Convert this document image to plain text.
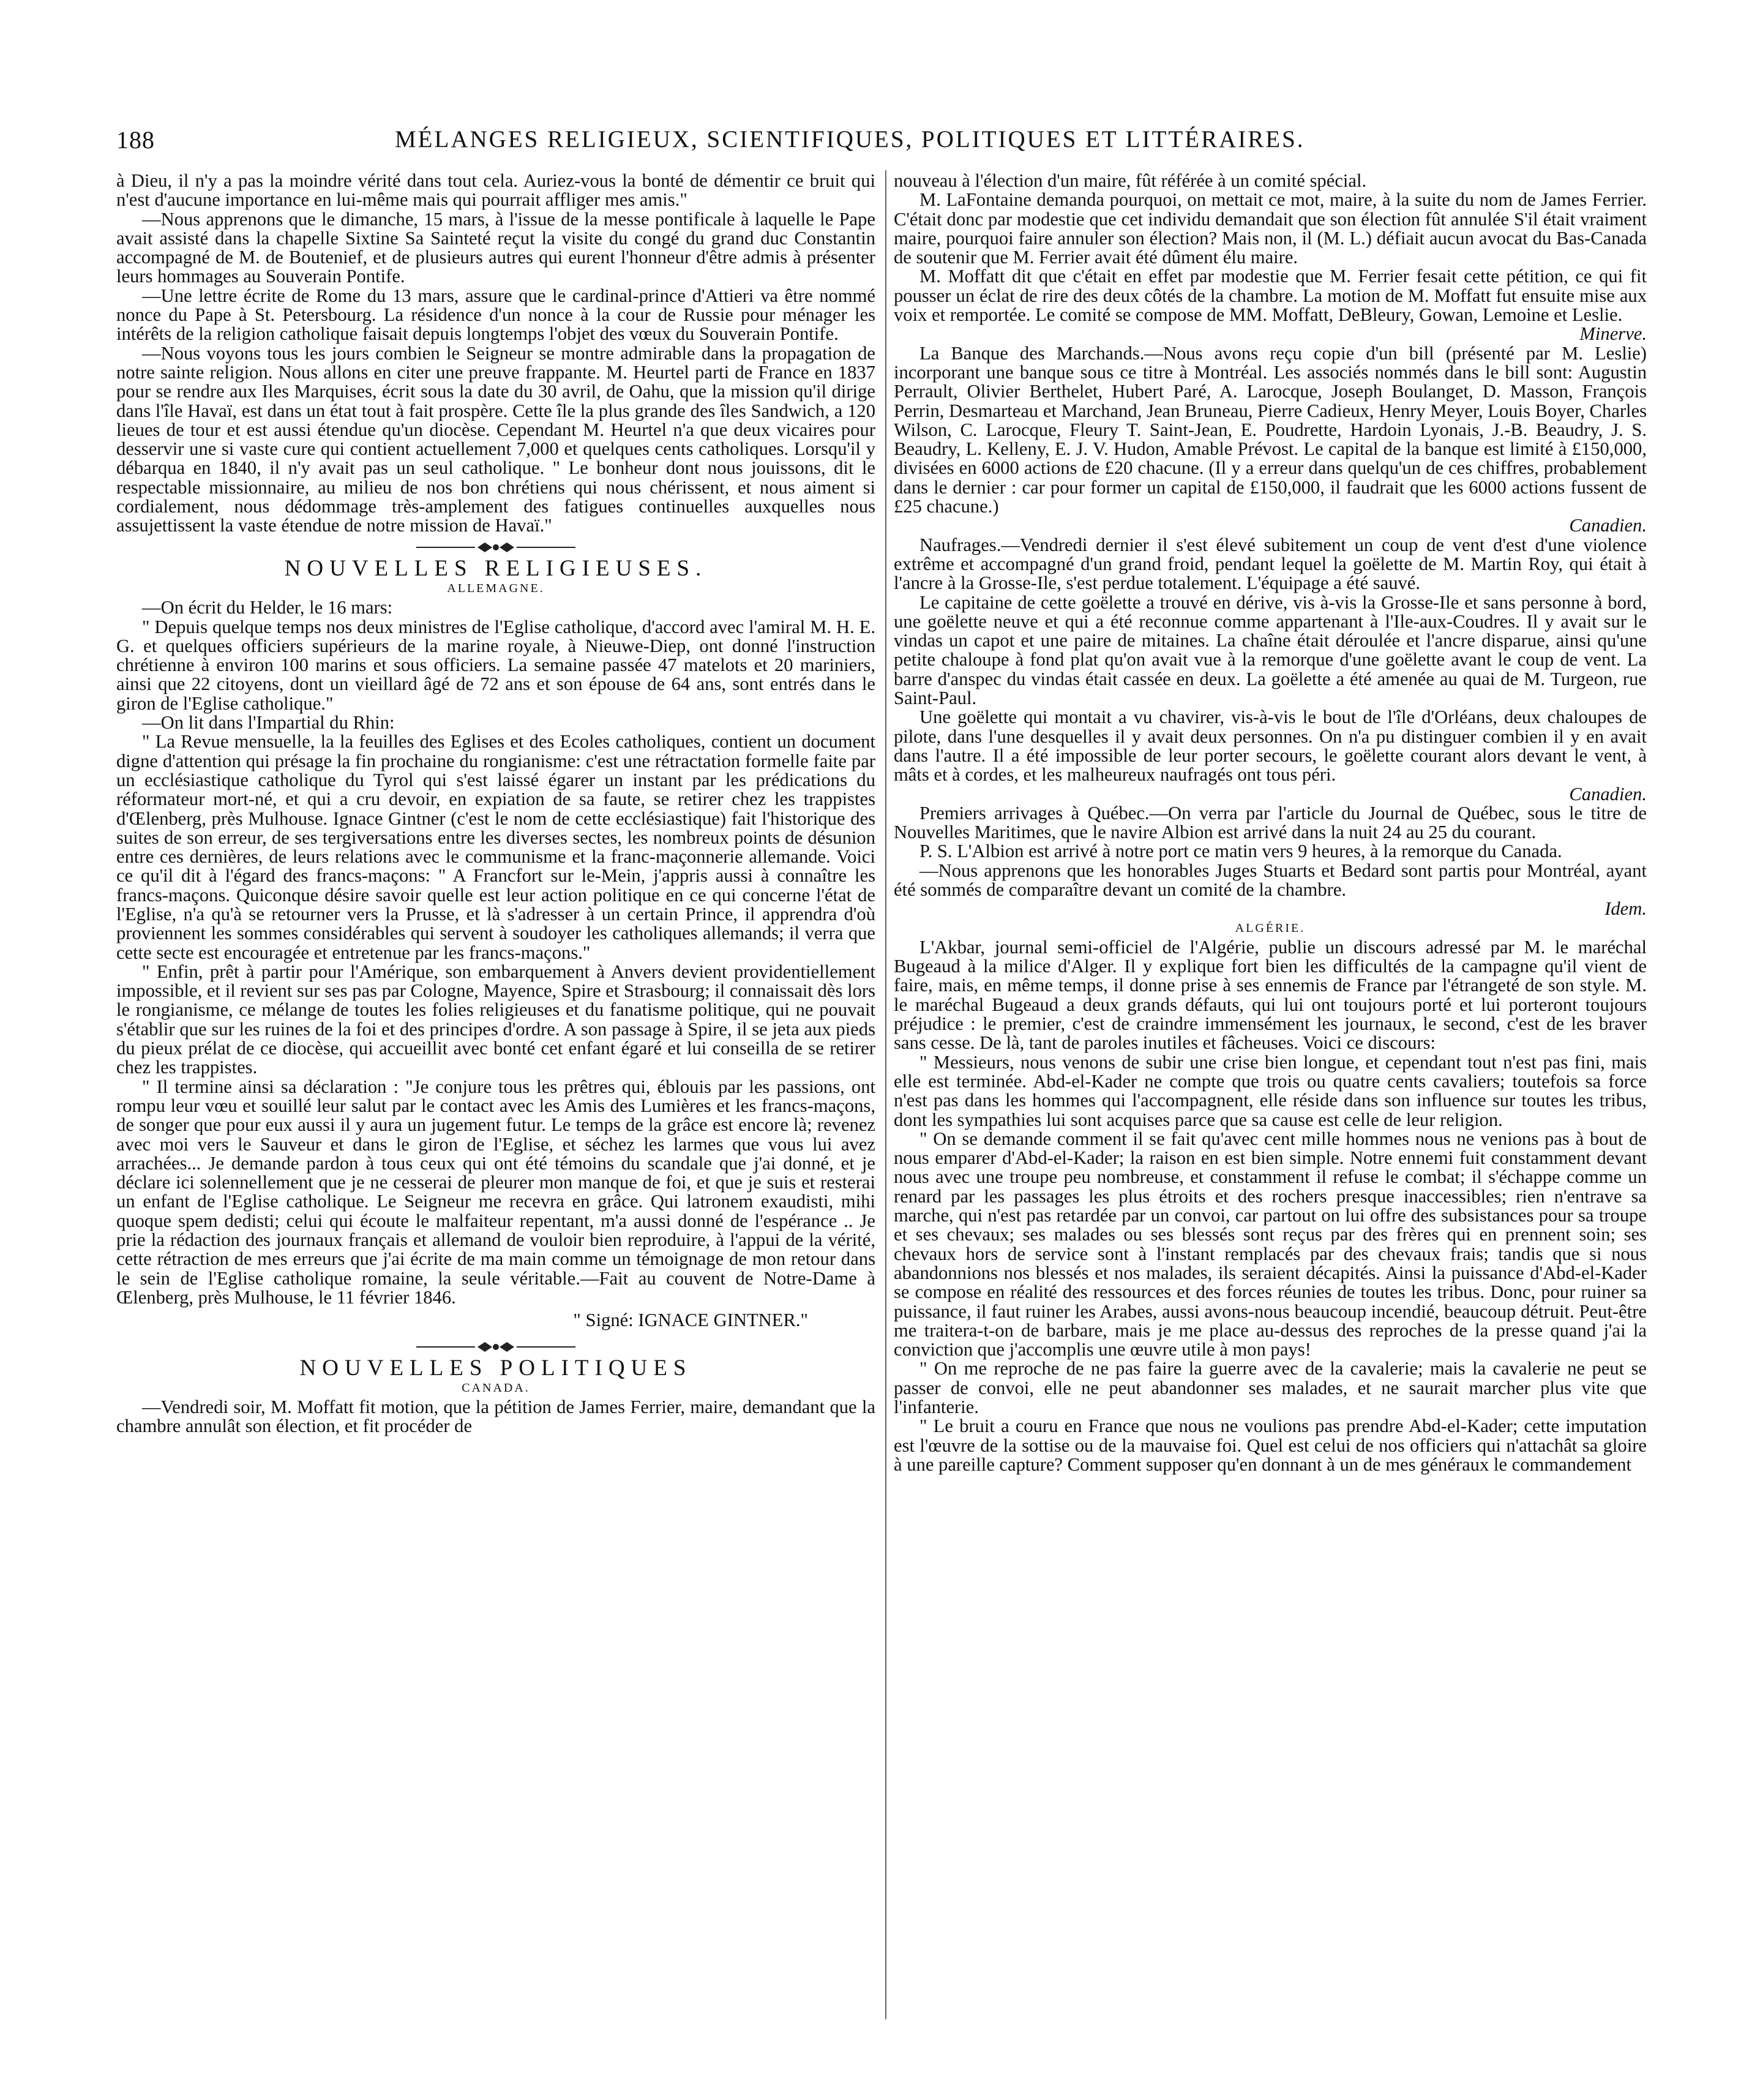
188	MÉLANGES RELIGIEUX, SCIENTIFIQUES, POLITIQUES ET LITTÉRAIRES.

à Dieu, il n'y a pas la moindre vérité dans tout cela. Auriez-vous la bonté de démentir ce bruit qui n'est d'aucune importance en lui-même mais qui pourrait affliger mes amis."

—Nous apprenons que le dimanche, 15 mars, à l'issue de la messe pontificale à laquelle le Pape avait assisté dans la chapelle Sixtine Sa Sainteté reçut la visite du congé du grand duc Constantin accompagné de M. de Boutenief, et de plusieurs autres qui eurent l'honneur d'être admis à présenter leurs hommages au Souverain Pontife.

—Une lettre écrite de Rome du 13 mars, assure que le cardinal-prince d'Attieri va être nommé nonce du Pape à St. Petersbourg. La résidence d'un nonce à la cour de Russie pour ménager les intérêts de la religion catholique faisait depuis longtemps l'objet des vœux du Souverain Pontife.

—Nous voyons tous les jours combien le Seigneur se montre admirable dans la propagation de notre sainte religion. Nous allons en citer une preuve frappante. M. Heurtel parti de France en 1837 pour se rendre aux Iles Marquises, écrit sous la date du 30 avril, de Oahu, que la mission qu'il dirige dans l'île Havaï, est dans un état tout à fait prospère. Cette île la plus grande des îles Sandwich, a 120 lieues de tour et est aussi étendue qu'un diocèse. Cependant M. Heurtel n'a que deux vicaires pour desservir une si vaste cure qui contient actuellement 7,000 et quelques cents catholiques. Lorsqu'il y débarqua en 1840, il n'y avait pas un seul catholique. " Le bonheur dont nous jouissons, dit le respectable missionnaire, au milieu de nos bon chrétiens qui nous chérissent, et nous aiment si cordialement, nous dédommage très-amplement des fatigues continuelles auxquelles nous assujettissent la vaste étendue de notre mission de Havaï."

NOUVELLES RELIGIEUSES.

ALLEMAGNE.

—On écrit du Helder, le 16 mars:

" Depuis quelque temps nos deux ministres de l'Eglise catholique, d'accord avec l'amiral M. H. E. G. et quelques officiers supérieurs de la marine royale, à Nieuwe-Diep, ont donné l'instruction chrétienne à environ 100 marins et sous officiers. La semaine passée 47 matelots et 20 mariniers, ainsi que 22 citoyens, dont un vieillard âgé de 72 ans et son épouse de 64 ans, sont entrés dans le giron de l'Eglise catholique."

—On lit dans l'Impartial du Rhin:

" La Revue mensuelle, la la feuilles des Eglises et des Ecoles catholiques, contient un document digne d'attention qui présage la fin prochaine du rongianisme: c'est une rétractation formelle faite par un ecclésiastique catholique du Tyrol qui s'est laissé égarer un instant par les prédications du réformateur mort-né, et qui a cru devoir, en expiation de sa faute, se retirer chez les trappistes d'Œlenberg, près Mulhouse. Ignace Gintner (c'est le nom de cette ecclésiastique) fait l'historique des suites de son erreur, de ses tergiversations entre les diverses sectes, les nombreux points de désunion entre ces dernières, de leurs relations avec le communisme et la franc-maçonnerie allemande. Voici ce qu'il dit à l'égard des francs-maçons: " A Francfort sur le-Mein, j'appris aussi à connaître les francs-maçons. Quiconque désire savoir quelle est leur action politique en ce qui concerne l'état de l'Eglise, n'a qu'à se retourner vers la Prusse, et là s'adresser à un certain Prince, il apprendra d'où proviennent les sommes considérables qui servent à soudoyer les catholiques allemands; il verra que cette secte est encouragée et entretenue par les francs-maçons."

" Enfin, prêt à partir pour l'Amérique, son embarquement à Anvers devient providentiellement impossible, et il revient sur ses pas par Cologne, Mayence, Spire et Strasbourg; il connaissait dès lors le rongianisme, ce mélange de toutes les folies religieuses et du fanatisme politique, qui ne pouvait s'établir que sur les ruines de la foi et des principes d'ordre. A son passage à Spire, il se jeta aux pieds du pieux prélat de ce diocèse, qui accueillit avec bonté cet enfant égaré et lui conseilla de se retirer chez les trappistes.

" Il termine ainsi sa déclaration : "Je conjure tous les prêtres qui, éblouis par les passions, ont rompu leur vœu et souillé leur salut par le contact avec les Amis des Lumières et les francs-maçons, de songer que pour eux aussi il y aura un jugement futur. Le temps de la grâce est encore là; revenez avec moi vers le Sauveur et dans le giron de l'Eglise, et séchez les larmes que vous lui avez arrachées... Je demande pardon à tous ceux qui ont été témoins du scandale que j'ai donné, et je déclare ici solennellement que je ne cesserai de pleurer mon manque de foi, et que je suis et resterai un enfant de l'Eglise catholique. Le Seigneur me recevra en grâce. Qui latronem exaudisti, mihi quoque spem dedisti; celui qui écoute le malfaiteur repentant, m'a aussi donné de l'espérance .. Je prie la rédaction des journaux français et allemand de vouloir bien reproduire, à l'appui de la vérité, cette rétraction de mes erreurs que j'ai écrite de ma main comme un témoignage de mon retour dans le sein de l'Eglise catholique romaine, la seule véritable.—Fait au couvent de Notre-Dame à Œlenberg, près Mulhouse, le 11 février 1846.

" Signé: IGNACE GINTNER."

NOUVELLES POLITIQUES

CANADA.

—Vendredi soir, M. Moffatt fit motion, que la pétition de James Ferrier, maire, demandant que la chambre annulât son élection, et fit procéder de

nouveau à l'élection d'un maire, fût référée à un comité spécial.

M. LaFontaine demanda pourquoi, on mettait ce mot, maire, à la suite du nom de James Ferrier. C'était donc par modestie que cet individu demandait que son élection fût annulée S'il était vraiment maire, pourquoi faire annuler son élection? Mais non, il (M. L.) défiait aucun avocat du Bas-Canada de soutenir que M. Ferrier avait été dûment élu maire.

M. Moffatt dit que c'était en effet par modestie que M. Ferrier fesait cette pétition, ce qui fit pousser un éclat de rire des deux côtés de la chambre. La motion de M. Moffatt fut ensuite mise aux voix et remportée. Le comité se compose de MM. Moffatt, DeBleury, Gowan, Lemoine et Leslie.

Minerve.

La Banque des Marchands.—Nous avons reçu copie d'un bill (présenté par M. Leslie) incorporant une banque sous ce titre à Montréal. Les associés nommés dans le bill sont: Augustin Perrault, Olivier Berthelet, Hubert Paré, A. Larocque, Joseph Boulanget, D. Masson, François Perrin, Desmarteau et Marchand, Jean Bruneau, Pierre Cadieux, Henry Meyer, Louis Boyer, Charles Wilson, C. Larocque, Fleury T. Saint-Jean, E. Poudrette, Hardoin Lyonais, J.-B. Beaudry, J. S. Beaudry, L. Kelleny, E. J. V. Hudon, Amable Prévost. Le capital de la banque est limité à £150,000, divisées en 6000 actions de £20 chacune. (Il y a erreur dans quelqu'un de ces chiffres, probablement dans le dernier : car pour former un capital de £150,000, il faudrait que les 6000 actions fussent de £25 chacune.)

Canadien.

Naufrages.—Vendredi dernier il s'est élevé subitement un coup de vent d'est d'une violence extrême et accompagné d'un grand froid, pendant lequel la goëlette de M. Martin Roy, qui était à l'ancre à la Grosse-Ile, s'est perdue totalement. L'équipage a été sauvé.

Le capitaine de cette goëlette a trouvé en dérive, vis à-vis la Grosse-Ile et sans personne à bord, une goëlette neuve et qui a été reconnue comme appartenant à l'Ile-aux-Coudres. Il y avait sur le vindas un capot et une paire de mitaines. La chaîne était déroulée et l'ancre disparue, ainsi qu'une petite chaloupe à fond plat qu'on avait vue à la remorque d'une goëlette avant le coup de vent. La barre d'anspec du vindas était cassée en deux. La goëlette a été amenée au quai de M. Turgeon, rue Saint-Paul.

Une goëlette qui montait a vu chavirer, vis-à-vis le bout de l'île d'Orléans, deux chaloupes de pilote, dans l'une desquelles il y avait deux personnes. On n'a pu distinguer combien il y en avait dans l'autre. Il a été impossible de leur porter secours, le goëlette courant alors devant le vent, à mâts et à cordes, et les malheureux naufragés ont tous péri.

Canadien.

Premiers arrivages à Québec.—On verra par l'article du Journal de Québec, sous le titre de Nouvelles Maritimes, que le navire Albion est arrivé dans la nuit 24 au 25 du courant.

P. S. L'Albion est arrivé à notre port ce matin vers 9 heures, à la remorque du Canada.

—Nous apprenons que les honorables Juges Stuarts et Bedard sont partis pour Montréal, ayant été sommés de comparaître devant un comité de la chambre.

Idem.

ALGÉRIE.

L'Akbar, journal semi-officiel de l'Algérie, publie un discours adressé par M. le maréchal Bugeaud à la milice d'Alger. Il y explique fort bien les difficultés de la campagne qu'il vient de faire, mais, en même temps, il donne prise à ses ennemis de France par l'étrangeté de son style. M. le maréchal Bugeaud a deux grands défauts, qui lui ont toujours porté et lui porteront toujours préjudice : le premier, c'est de craindre immensément les journaux, le second, c'est de les braver sans cesse. De là, tant de paroles inutiles et fâcheuses. Voici ce discours:

" Messieurs, nous venons de subir une crise bien longue, et cependant tout n'est pas fini, mais elle est terminée. Abd-el-Kader ne compte que trois ou quatre cents cavaliers; toutefois sa force n'est pas dans les hommes qui l'accompagnent, elle réside dans son influence sur toutes les tribus, dont les sympathies lui sont acquises parce que sa cause est celle de leur religion.

" On se demande comment il se fait qu'avec cent mille hommes nous ne venions pas à bout de nous emparer d'Abd-el-Kader; la raison en est bien simple. Notre ennemi fuit constamment devant nous avec une troupe peu nombreuse, et constamment il refuse le combat; il s'échappe comme un renard par les passages les plus étroits et des rochers presque inaccessibles; rien n'entrave sa marche, qui n'est pas retardée par un convoi, car partout on lui offre des subsistances pour sa troupe et ses chevaux; ses malades ou ses blessés sont reçus par des frères qui en prennent soin; ses chevaux hors de service sont à l'instant remplacés par des chevaux frais; tandis que si nous abandonnions nos blessés et nos malades, ils seraient décapités. Ainsi la puissance d'Abd-el-Kader se compose en réalité des ressources et des forces réunies de toutes les tribus. Donc, pour ruiner sa puissance, il faut ruiner les Arabes, aussi avons-nous beaucoup incendié, beaucoup détruit. Peut-être me traitera-t-on de barbare, mais je me place au-dessus des reproches de la presse quand j'ai la conviction que j'accomplis une œuvre utile à mon pays!

" On me reproche de ne pas faire la guerre avec de la cavalerie; mais la cavalerie ne peut se passer de convoi, elle ne peut abandonner ses malades, et ne saurait marcher plus vite que l'infanterie.

" Le bruit a couru en France que nous ne voulions pas prendre Abd-el-Kader; cette imputation est l'œuvre de la sottise ou de la mauvaise foi. Quel est celui de nos officiers qui n'attachât sa gloire à une pareille capture? Comment supposer qu'en donnant à un de mes généraux le commandement
